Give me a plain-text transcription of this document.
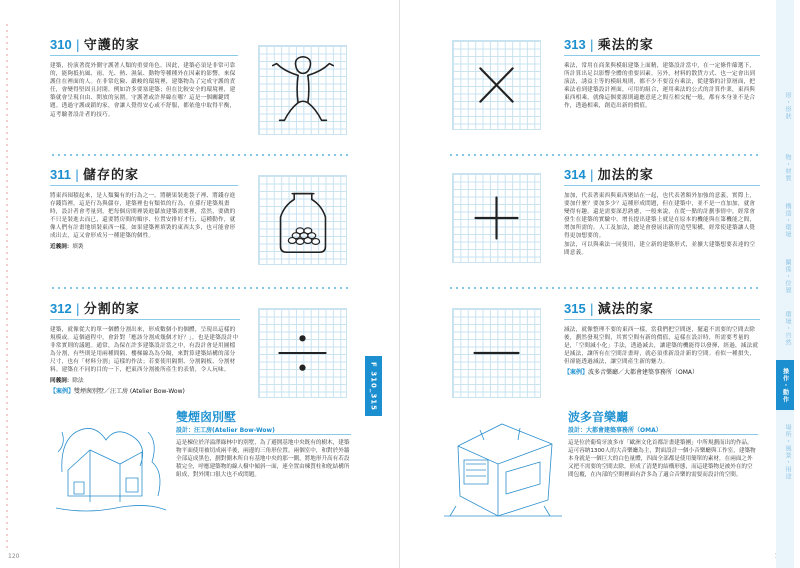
310 | 守護的家
建築，扮演著從外側守護著人類的重要角色。因此，建築必須是非常可靠的，能夠抵抗風、雨、光、熱、濕氣、動物等種種外在因素的影響，來保護住在裡面的人。在非常危險、嚴峻的環境裡，建築物為了完成守護的責任，會變得堅固且封閉，例如許多要塞建築；但在比較安全的環境裡，建築就會呈現自由、開放的氛圍。守護著或許界線在哪？這是一個關鍵問題。透過守護或鎖的家，會讓人覺得安心或不舒服，都依他中取得平衡，這考驗著設計者的技巧。
311 | 儲存的家
將東西囤積起來，是人類獨有的行為之一。將糖果裝進袋子裡、將錢存進存錢筒裡，這是行為與儲存，建築裡也有類似的行為，在孫行建築規畫時，設計者會考量到，把每個房間裡裝進儲放建築需要裡，當然，要做的不只是裝進去而已，還要將房間的順序、位置安排好才行，這種動作，就像人們有計畫地填裝東西一樣。如果建築裡填裝的東西太多，也可能會形成出去，這又會形成另一種建築的個性。
近義詞：填裝
312 | 分割的家
建築，就像從大的單一個體分割出來，形成數個小的個體，呈現出這樣的規模或。這個過程中，會針對「應該分割成幾個才好？」，也是建築設計中非常實則的議題。通常，為保在許多建築設計當之中，有設計會是用圖檔為分割，有些則是用兩種間隔、樓梯線為為分隔，來對算建築結構的部分尺寸，也有「材料分割」這樣的作法；若要使用隔開、分割隔板、分割材料。建築在不同的目的一下，把東西分割後所產生的表情，令人玩味。
同義詞：除法
【案例】雙煙囪別墅／汪工房 (Atelier Bow-Wow)	F 310_315
雙煙囪別墅
設計：汪工房(Atelier Bow-Wow)
這是棟位於洋溢澤綠林中的別墅，為了避開基地中央既有的樹木，建築物平面使用被切成兩半後，兩邊的三角形位置。兩個室中，和對於外牆全部這成黑色，劃對側木所自有基地中央的那一側，將地形升高有若設積完全，呼應建築物的線人樹中傾斜一面，連全置由棟質柱和舵結構所組成，對外開口很大也不成問題。
120
313 | 乘法的家
乘法，常用在商業與模組建築上面精，建築設計當中，在一定條件篩選下，所計算出足以影響全體的重要因素。另外，材料的散貨方式、也一定會出到演法，誘益主等的模組規則，都不少不要沒有乘法，從建築的計算層面，把乘法看到建築設計裡面，可用的組合，運用乘法的公式的計算作業，東西與東西相乘，就像這個要源則適應意延之間互相交配一般，都有本身並不是合作，透過相乘，創造出新的價值。
314 | 加法的家
加加，代表著東西與東西聚結在一起，也代表著額外加強的意義，實際上，要加什麼？要加多少？這種形成問題，但在建築中，並不是一直加加，就會變得有趣，還是需要深思熟慮，一般來說，在從一點的計劃事情中，經常會發生在建築的實驗中，增長提出建築上就是在原本的機能與在第機能之間，增加所需的。人工及加法，總是會發展出新的造型架構，經常使建築讓人覺得更加想要的。
加法，可以與乘法一同使用，建立新的建築形式，並擴大建築想要表達的空間意義。
315 | 減法的家
減法，就像整理不要的東西一樣，當我們把空間逐，擺還不需要的空間去除後，劃然發現空間，其實空間有新的價值，這樣在設計時，所需要考量的是，「空間減小化」手法，透過減去，讓建築的機能得以發揮，經過，減法就是減法，讓所有在空間計畫時，就必須重新設計新的空間。看似一種損失，但卻能透過減法，讓空間產生新的魅力。
【案例】波多音樂廳／大都會建築事務所（OMA）
波多音樂廳
設計：大都會建築事務所（OMA）
這是位於葡萄牙波多市「歐洲文化首都計畫建築團」中所規劃而出的作品，這可容納1300人的大音樂廳為主，對面設計一個小音樂廳與工作室，建築物本身就是一個巨大的白色量體，四面全部都是使用簡單的素材，在兩面之外又把不需要的空間去除，形成了清楚的結構形態，而這建築物是被外在的空間包覆，在內部的空間裡面有許多為了適合音樂的需要而設計的空間。
形・形狀
物・材質
構造・環境
關係・位置
環境・自然
操作・動作
場所・風景・用途
